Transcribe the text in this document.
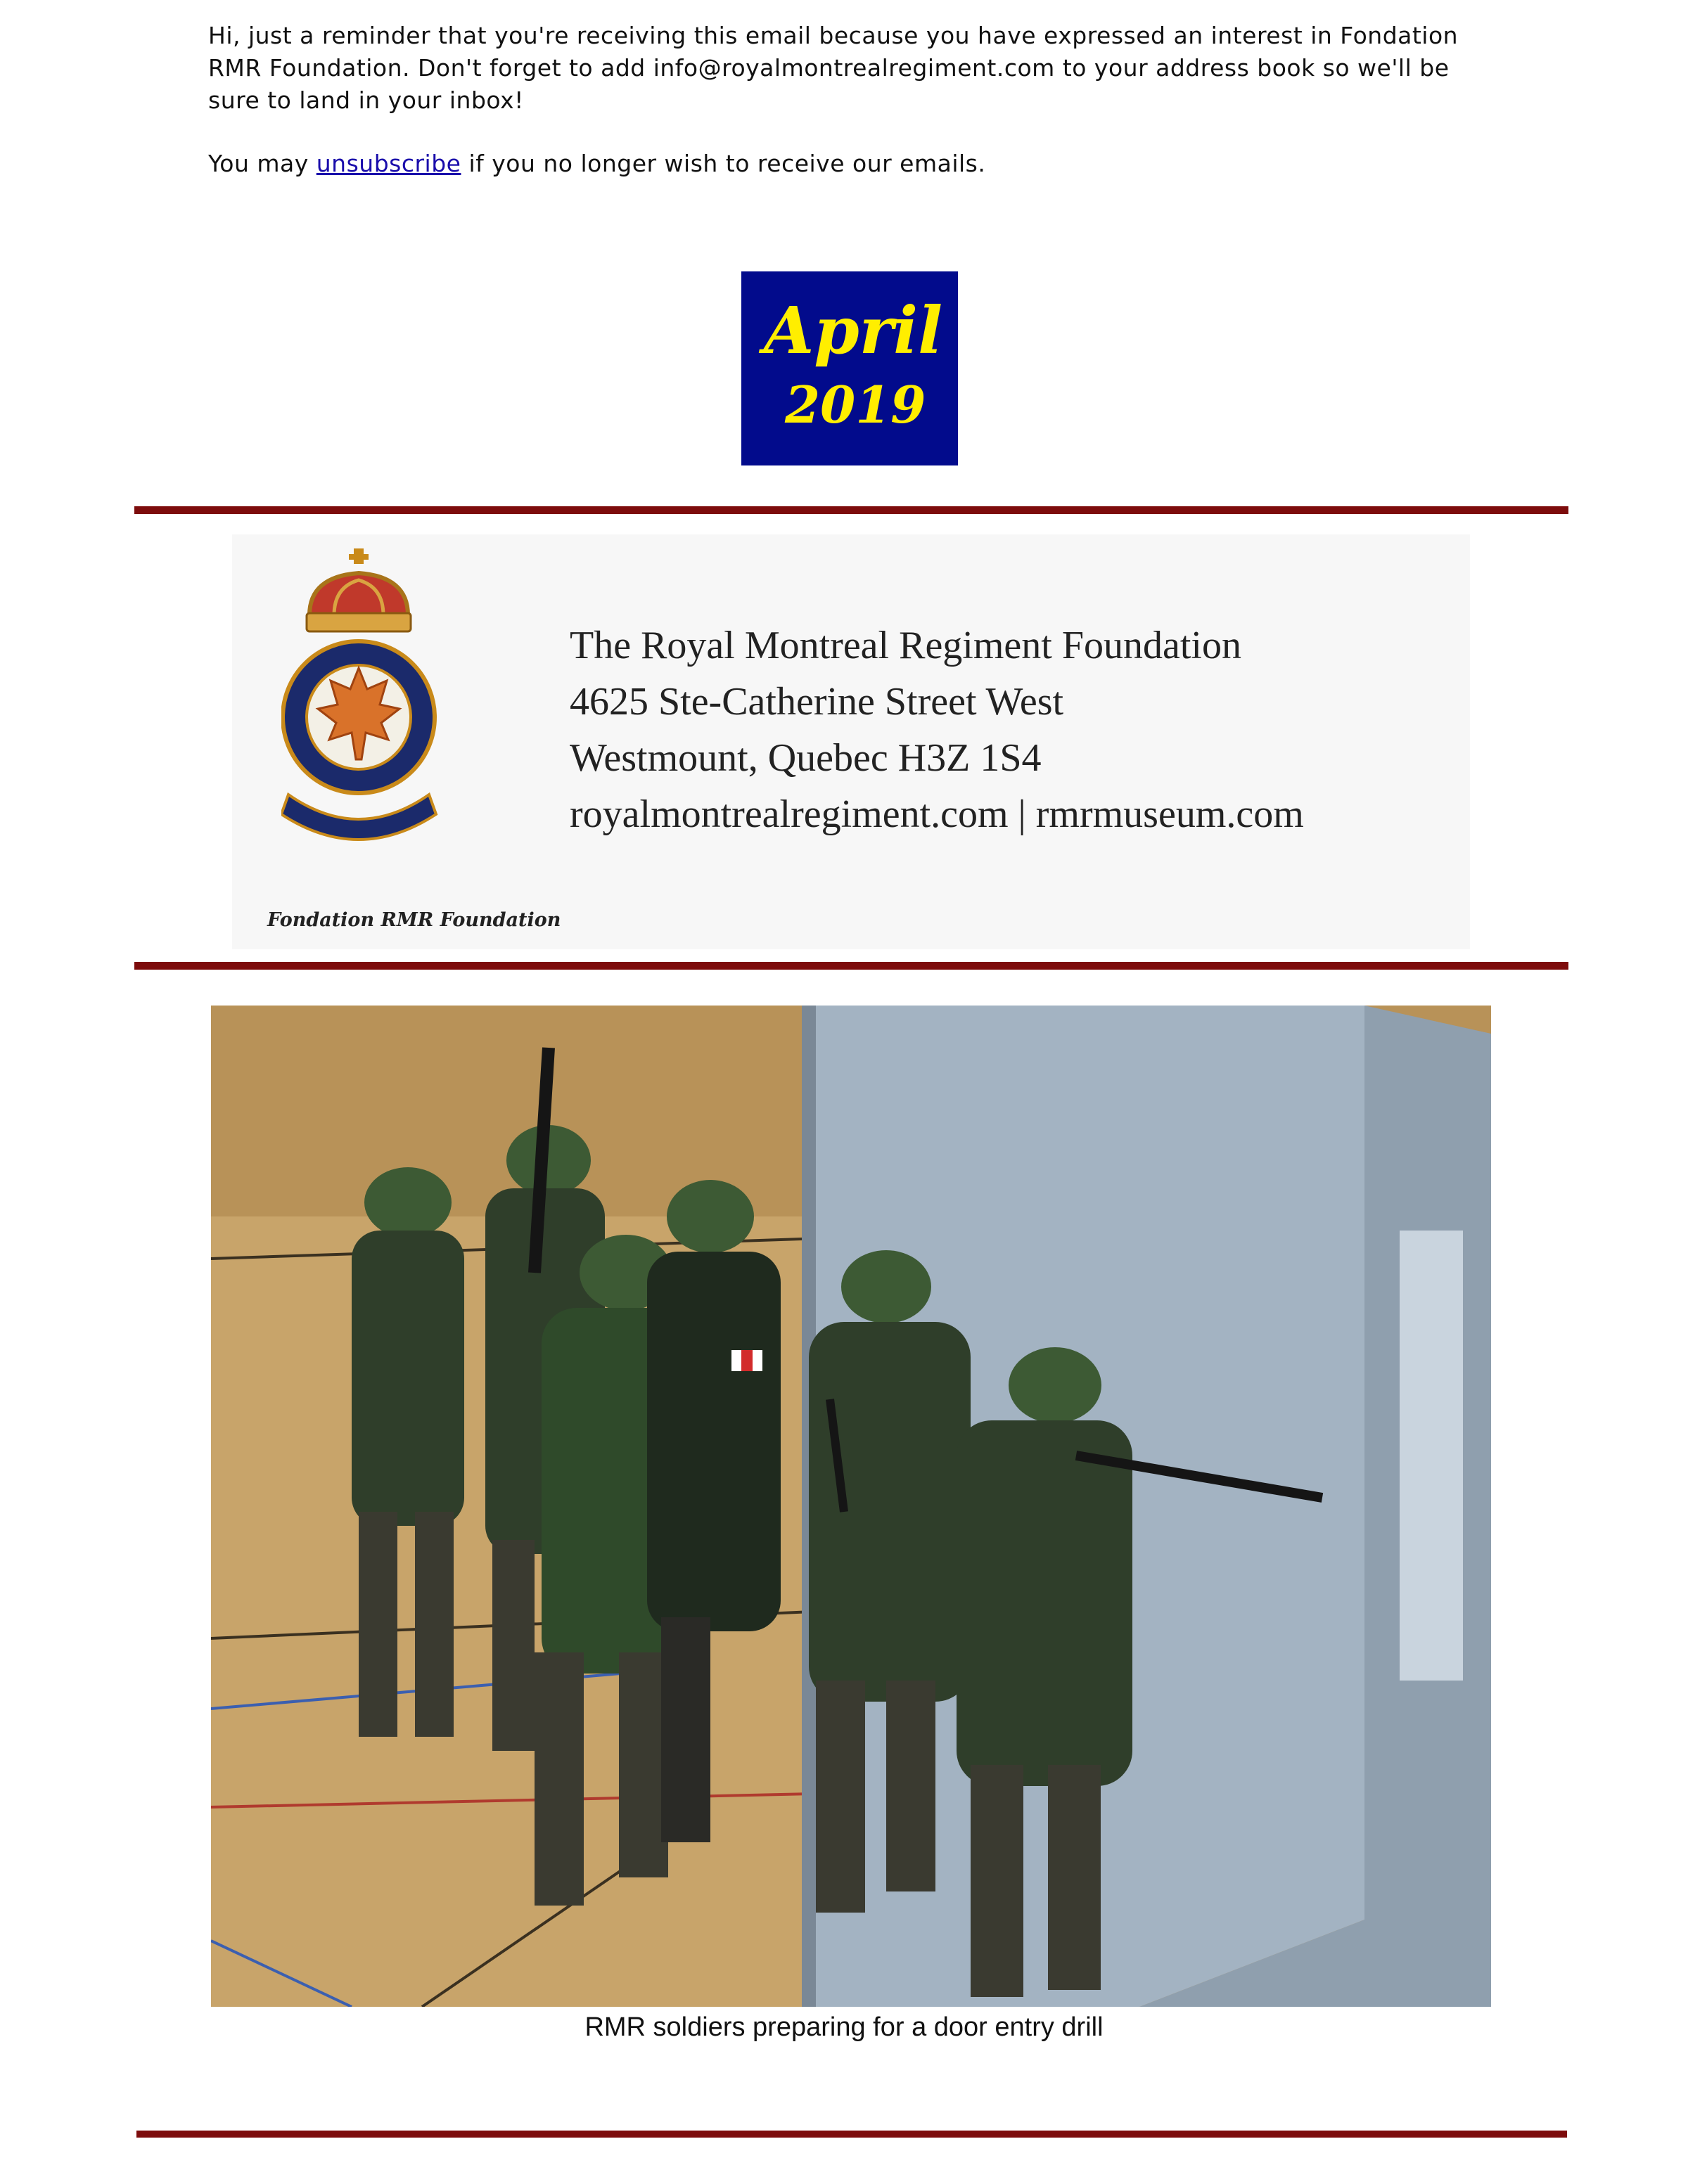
Hi, just a reminder that you're receiving this email because you have expressed an interest in Fondation RMR Foundation. Don't forget to add info@royalmontrealregiment.com to your address book so we'll be sure to land in your inbox!

You may unsubscribe if you no longer wish to receive our emails.

April
2019
Fondation RMR Foundation
The Royal Montreal Regiment Foundation
4625 Ste-Catherine Street West
Westmount, Quebec H3Z 1S4
royalmontrealregiment.com | rmrmuseum.com
RMR soldiers preparing for a door entry drill
